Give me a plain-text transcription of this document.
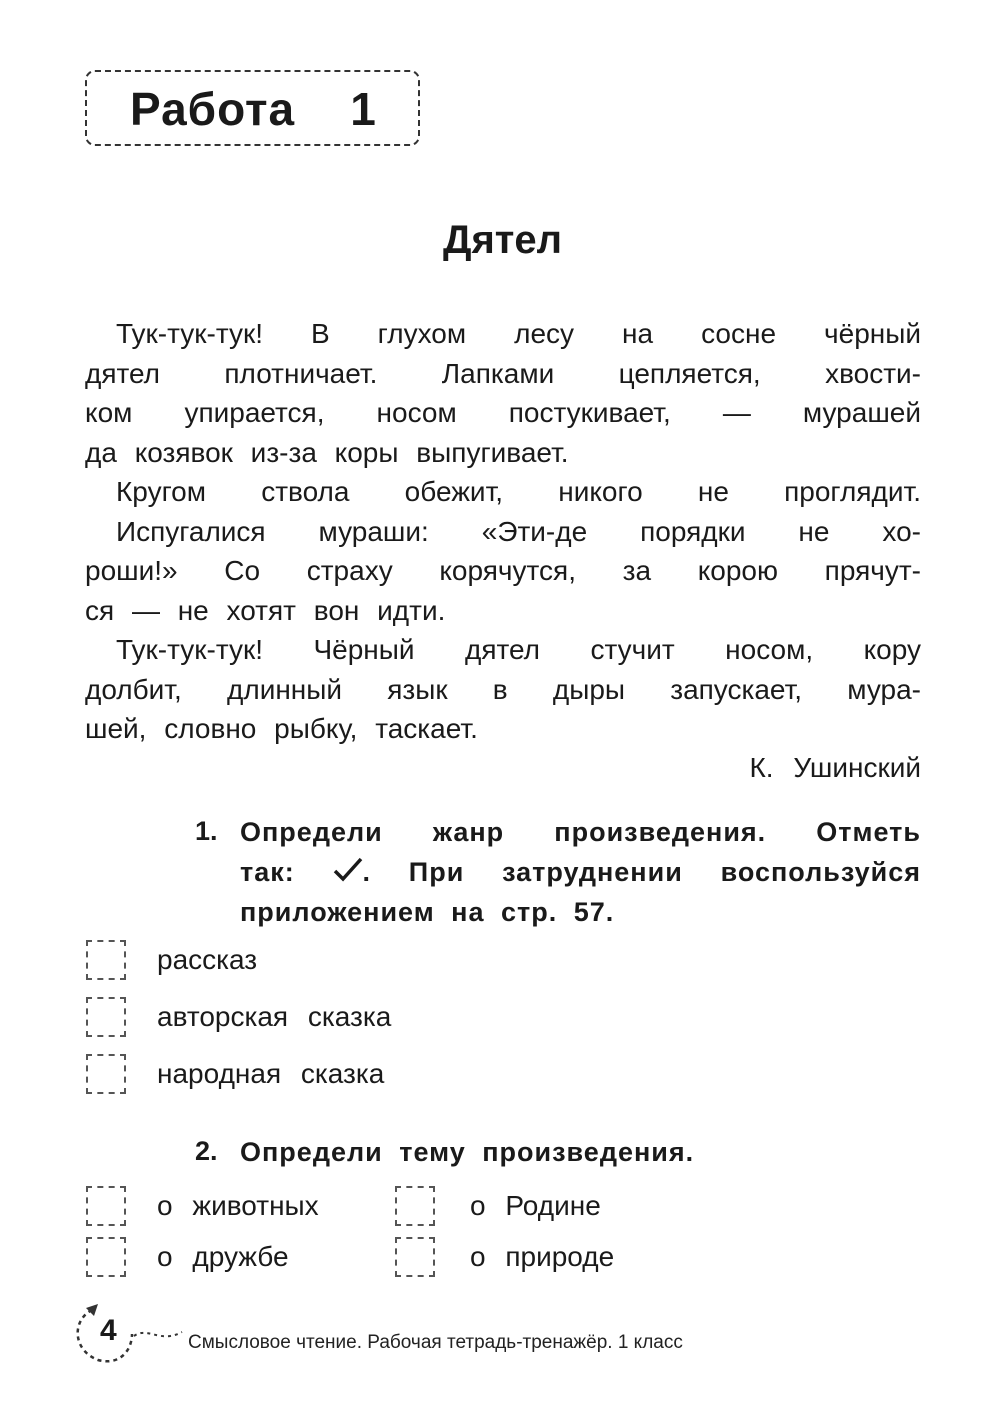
Работа    1
Дятел
Тук-тук-тук! В глухом лесу на сосне чёрный
дятел плотничает. Лапками цепляется, хвости-
ком упирается, носом постукивает, — мурашей
да козявок из-за коры выпугивает.
Кругом ствола обежит, никого не проглядит.
Испугалися мураши: «Эти-де порядки не хо-
роши!» Со страху корячутся, за корою прячут-
ся — не хотят вон идти.
Тук-тук-тук! Чёрный дятел стучит носом, кору
долбит, длинный язык в дыры запускает, мура-
шей, словно рыбку, таскает.
К. Ушинский
1. Определи жанр произведения. Отметь
так:	. При затруднении воспользуйся
приложением на стр. 57.
рассказ
авторская сказка
народная сказка
2. Определи тему произведения.
о животных
о дружбе
о Родине
о природе
4	Смысловое чтение. Рабочая тетрадь-тренажёр. 1 класс
